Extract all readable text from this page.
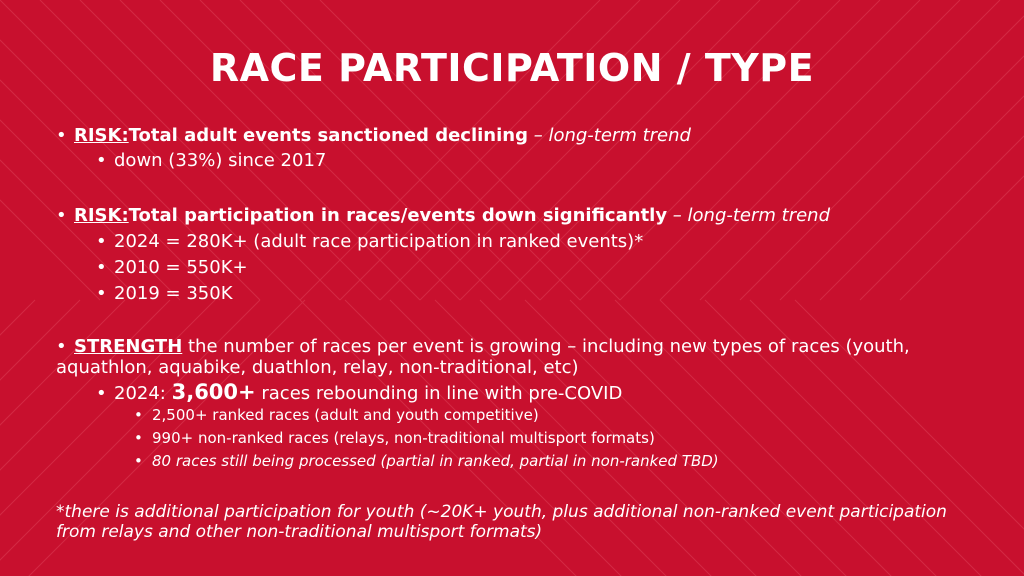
RACE PARTICIPATION / TYPE
• RISK:Total adult events sanctioned declining – long-term trend
• down (33%) since 2017
• RISK:Total participation in races/events down significantly – long-term trend
• 2024 = 280K+ (adult race participation in ranked events)*
• 2010 = 550K+
• 2019 = 350K
• STRENGTH the number of races per event is growing – including new types of races (youth, aquathlon, aquabike, duathlon, relay, non-traditional, etc)
• 2024: 3,600+ races rebounding in line with pre-COVID
• 2,500+ ranked races (adult and youth competitive)
• 990+ non-ranked races (relays, non-traditional multisport formats)
• 80 races still being processed (partial in ranked, partial in non-ranked TBD)
*there is additional participation for youth (~20K+ youth, plus additional non-ranked event participation from relays and other non-traditional multisport formats)
